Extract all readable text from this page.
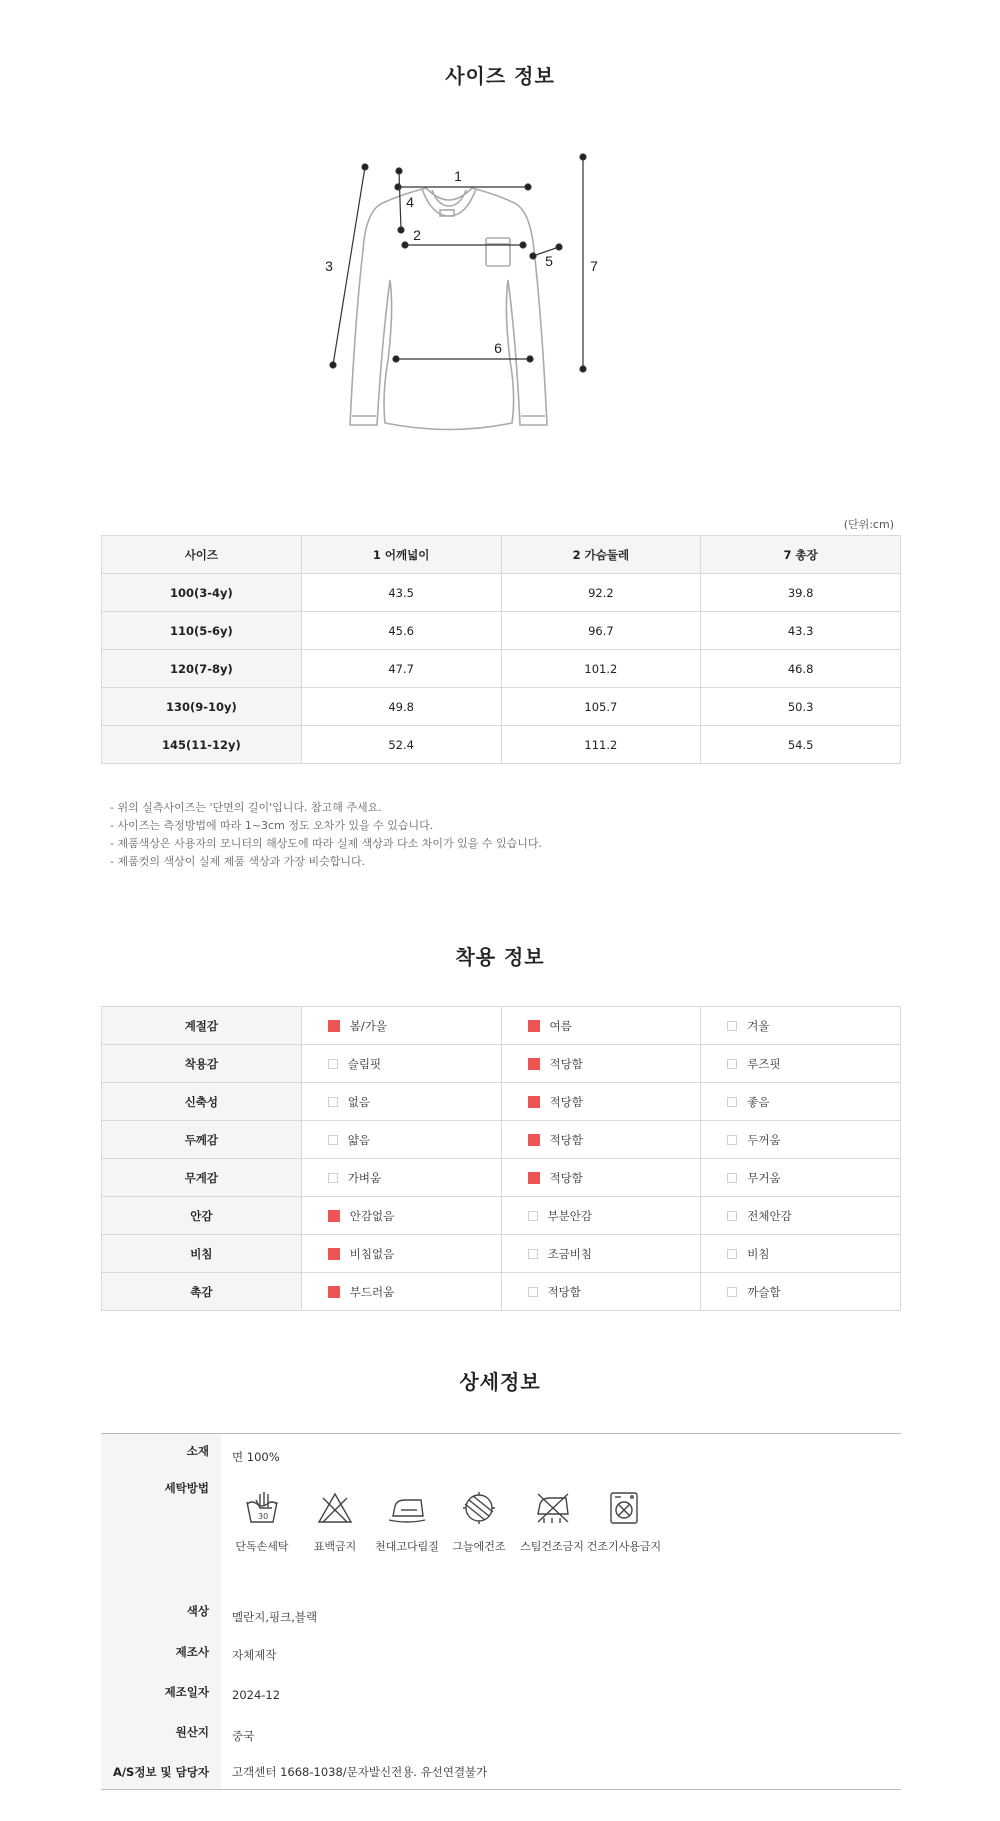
사이즈 정보
1
2
3
4
5
6
7
(단위:cm)
사이즈	1 어깨넓이	2 가슴둘레	7 총장
100(3-4y)	43.5	92.2	39.8
110(5-6y)	45.6	96.7	43.3
120(7-8y)	47.7	101.2	46.8
130(9-10y)	49.8	105.7	50.3
145(11-12y)	52.4	111.2	54.5
- 위의 실측사이즈는 '단면의 길이'입니다. 참고해 주세요.
- 사이즈는 측정방법에 따라 1~3cm 정도 오차가 있을 수 있습니다.
- 제품색상은 사용자의 모니터의 해상도에 따라 실제 색상과 다소 차이가 있을 수 있습니다.
- 제품컷의 색상이 실제 제품 색상과 가장 비슷합니다.
착용 정보
계절감	봄/가을	여름	겨울
착용감	슬림핏	적당함	루즈핏
신축성	없음	적당함	좋음
두께감	얇음	적당함	두꺼움
무게감	가벼움	적당함	무거움
안감	안감없음	부분안감	전체안감
비침	비침없음	조금비침	비침
촉감	부드러움	적당함	까슬함
상세정보
소재 면 100%
세탁방법
30
단독손세탁	표백금지	천대고다림질	그늘에건조	스팀건조금지 건조기사용금지
색상 멜란지,핑크,블랙
제조사 자체제작
제조일자 2024-12
원산지 중국
A/S정보 및 담당자 고객센터 1668-1038/문자발신전용. 유선연결불가
